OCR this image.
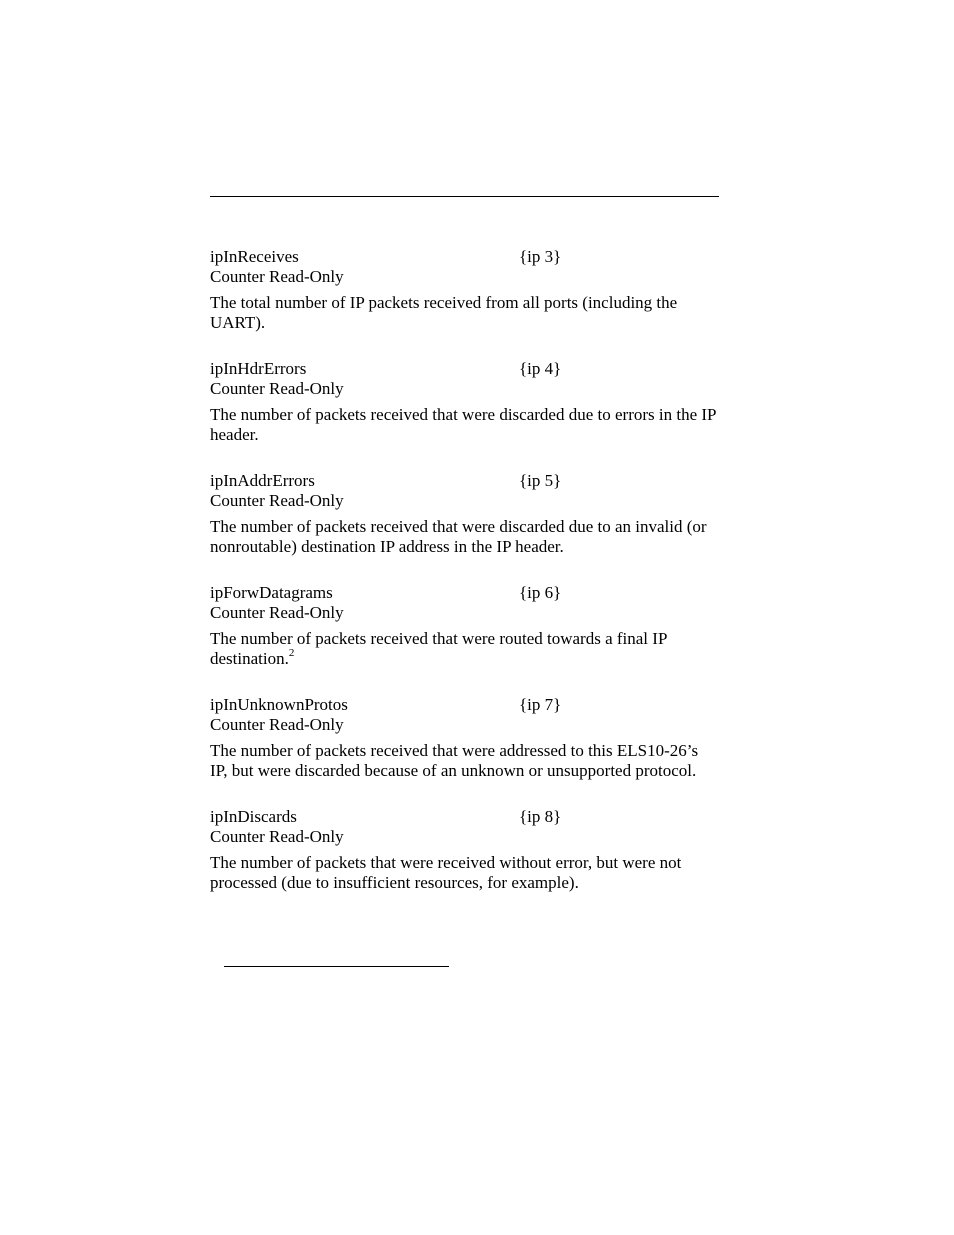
ipInReceives	{ip 3}
Counter Read-Only
The total number of IP packets received from all ports (including the UART).
ipInHdrErrors	{ip 4}
Counter Read-Only
The number of packets received that were discarded due to errors in the IP header.
ipInAddrErrors	{ip 5}
Counter Read-Only
The number of packets received that were discarded due to an invalid (or nonroutable) destination IP address in the IP header.
ipForwDatagrams	{ip 6}
Counter Read-Only
The number of packets received that were routed towards a final IP destination.$^2$
ipInUnknownProtos	{ip 7}
Counter Read-Only
The number of packets received that were addressed to this ELS10-26’s IP, but were discarded because of an unknown or unsupported protocol.
ipInDiscards	{ip 8}
Counter Read-Only
The number of packets that were received without error, but were not processed (due to insufficient resources, for example).
